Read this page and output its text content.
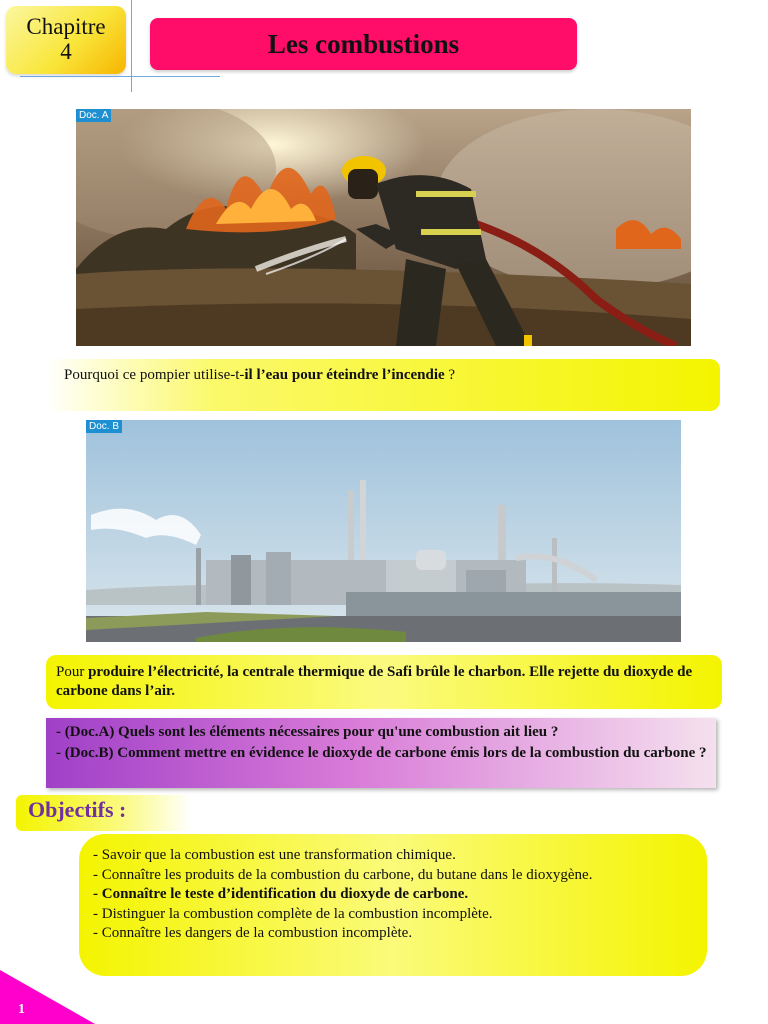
Chapitre
4	Les combustions
Doc. A
Pourquoi ce pompier utilise-t-il l’eau pour éteindre l’incendie ?
Doc. B
Pour produire l’électricité, la centrale thermique de Safi brûle le charbon. Elle rejette du dioxyde de carbone dans l’air.
- (Doc.A) Quels sont les éléments nécessaires pour qu'une combustion ait lieu ?
- (Doc.B) Comment mettre en évidence le dioxyde de carbone émis lors de la combustion du carbone ?
Objectifs :
- Savoir que la combustion est une transformation chimique.
- Connaître les produits de la combustion du carbone, du butane dans le dioxygène.
- Connaître le teste d’identification du dioxyde de carbone.
- Distinguer la combustion complète de la combustion incomplète.
- Connaître les dangers de la combustion incomplète.
1
